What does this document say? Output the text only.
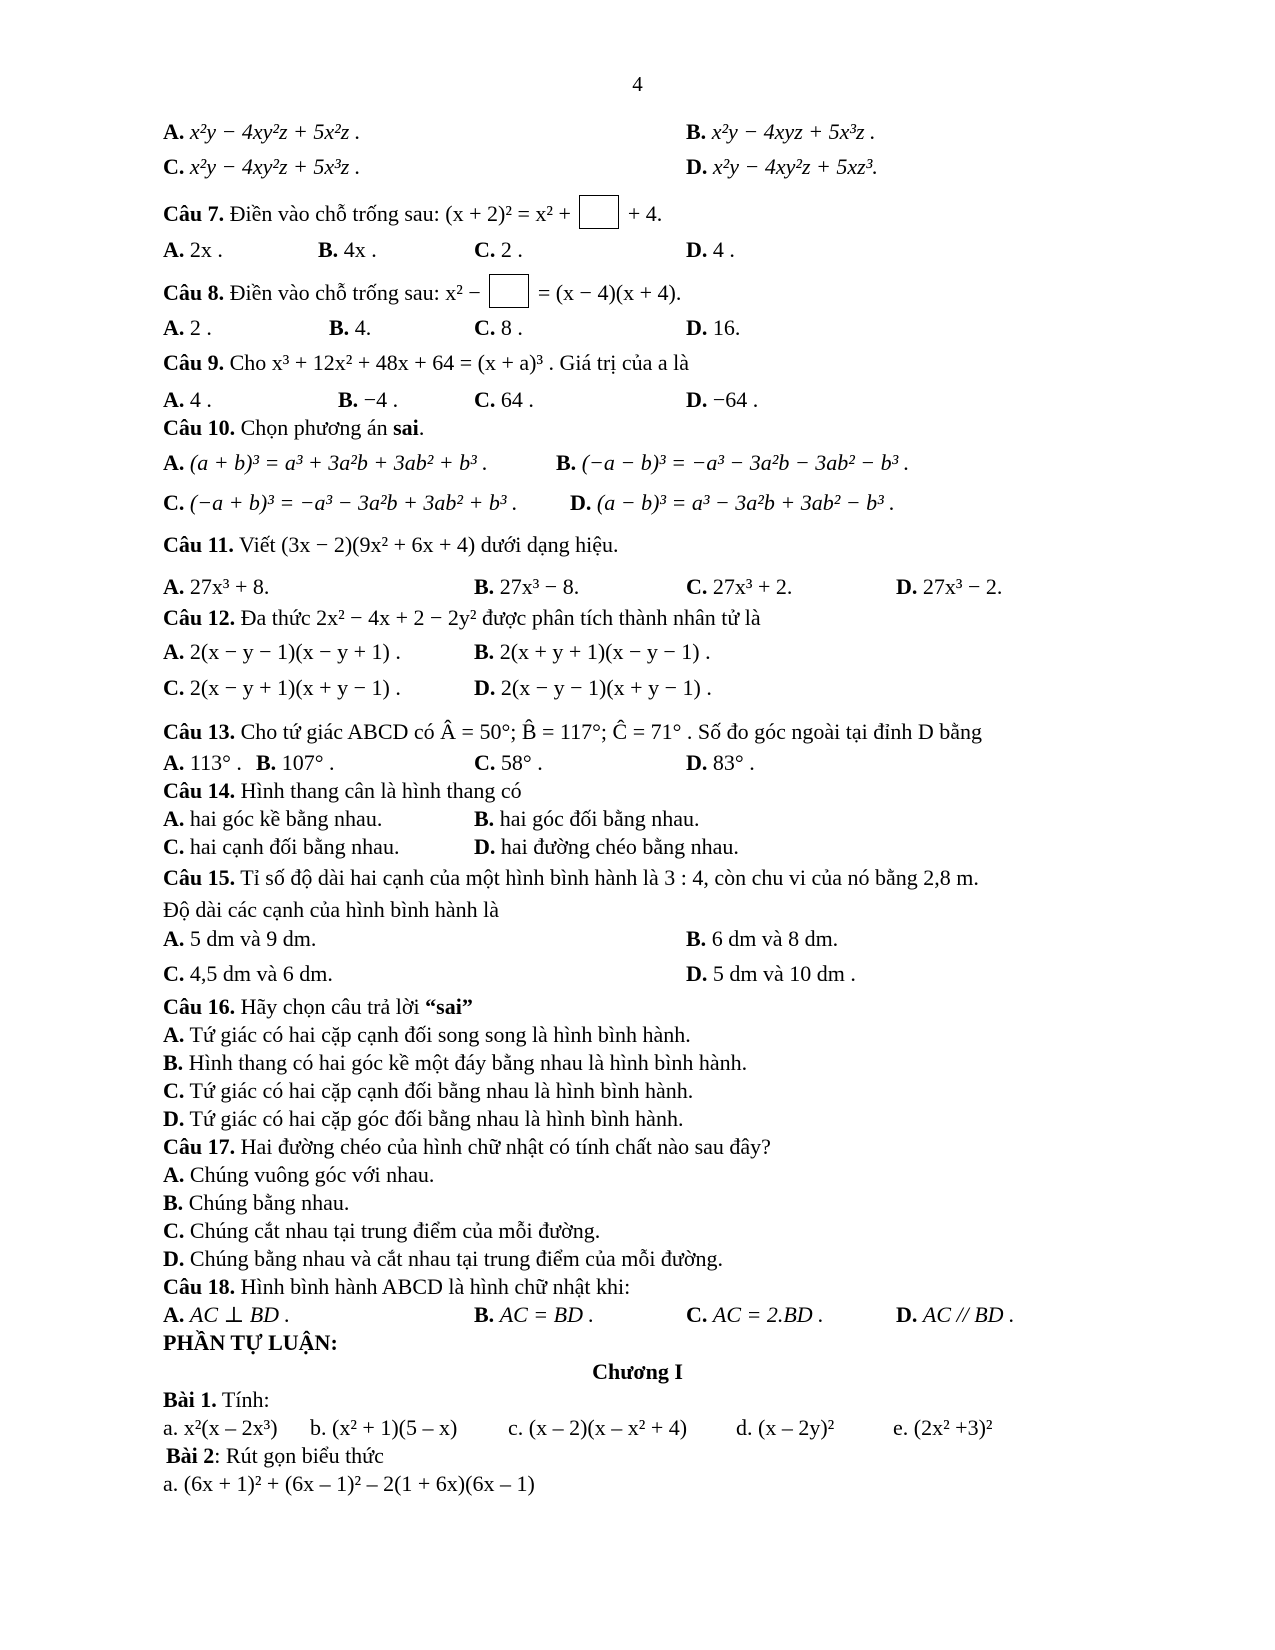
4
A. x²y − 4xy²z + 5x²z .	B. x²y − 4xyz + 5x³z .
C. x²y − 4xy²z + 5x³z .	D. x²y − 4xy²z + 5xz³.
Câu 7. Điền vào chỗ trống sau: (x + 2)² = x² +	+ 4.
A. 2x .	B. 4x .	C. 2 .	D. 4 .
Câu 8. Điền vào chỗ trống sau: x² −	= (x − 4)(x + 4).
A. 2 .	B. 4.	C. 8 .	D. 16.
Câu 9. Cho x³ + 12x² + 48x + 64 = (x + a)³ . Giá trị của a là
A. 4 .	B. −4 .	C. 64 .	D. −64 .
Câu 10. Chọn phương án sai.
A. (a + b)³ = a³ + 3a²b + 3ab² + b³ .	B. (−a − b)³ = −a³ − 3a²b − 3ab² − b³ .
C. (−a + b)³ = −a³ − 3a²b + 3ab² + b³ . D. (a − b)³ = a³ − 3a²b + 3ab² − b³ .
Câu 11. Viết (3x − 2)(9x² + 6x + 4) dưới dạng hiệu.
A. 27x³ + 8.	B. 27x³ − 8.	C. 27x³ + 2.	D. 27x³ − 2.
Câu 12. Đa thức 2x² − 4x + 2 − 2y² được phân tích thành nhân tử là
A. 2(x − y − 1)(x − y + 1) .	B. 2(x + y + 1)(x − y − 1) .
C. 2(x − y + 1)(x + y − 1) .	D. 2(x − y − 1)(x + y − 1) .
Câu 13. Cho tứ giác ABCD có Â = 50°; B̂ = 117°; Ĉ = 71° . Số đo góc ngoài tại đỉnh D bằng
A. 113° . B. 107° .	C. 58° .	D. 83° .
Câu 14. Hình thang cân là hình thang có
A. hai góc kề bằng nhau.	B. hai góc đối bằng nhau.
C. hai cạnh đối bằng nhau.	D. hai đường chéo bằng nhau.
Câu 15. Tỉ số độ dài hai cạnh của một hình bình hành là 3 : 4, còn chu vi của nó bằng 2,8 m.
Độ dài các cạnh của hình bình hành là
A. 5 dm và 9 dm.	B. 6 dm và 8 dm.
C. 4,5 dm và 6 dm.	D. 5 dm và 10 dm .
Câu 16. Hãy chọn câu trả lời “sai”
A. Tứ giác có hai cặp cạnh đối song song là hình bình hành.
B. Hình thang có hai góc kề một đáy bằng nhau là hình bình hành.
C. Tứ giác có hai cặp cạnh đối bằng nhau là hình bình hành.
D. Tứ giác có hai cặp góc đối bằng nhau là hình bình hành.
Câu 17. Hai đường chéo của hình chữ nhật có tính chất nào sau đây?
A. Chúng vuông góc với nhau.
B. Chúng bằng nhau.
C. Chúng cắt nhau tại trung điểm của mỗi đường.
D. Chúng bằng nhau và cắt nhau tại trung điểm của mỗi đường.
Câu 18. Hình bình hành ABCD là hình chữ nhật khi:
A. AC ⊥ BD .	B. AC = BD .	C. AC = 2.BD .	D. AC // BD .
PHẦN TỰ LUẬN:
Chương I
Bài 1. Tính:
a. x²(x – 2x³) b. (x² + 1)(5 – x) c. (x – 2)(x – x² + 4) d. (x – 2y)²	e. (2x² +3)²
Bài 2: Rút gọn biểu thức
a. (6x + 1)² + (6x – 1)² – 2(1 + 6x)(6x – 1)
